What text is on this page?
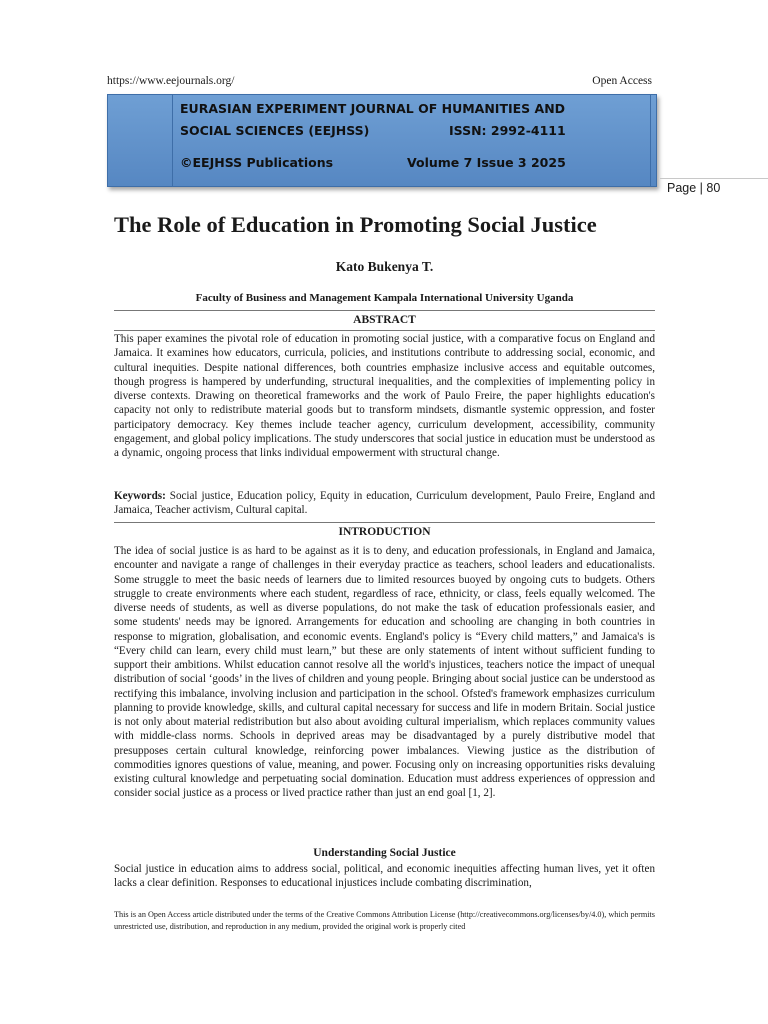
https://www.eejournals.org/	Open Access
EURASIAN EXPERIMENT JOURNAL OF HUMANITIES AND
SOCIAL SCIENCES (EEJHSS)	ISSN: 2992-4111
©EEJHSS Publications	Volume 7 Issue 3 2025
Page | 80
The Role of Education in Promoting Social Justice
Kato Bukenya T.
Faculty of Business and Management Kampala International University Uganda
ABSTRACT

This paper examines the pivotal role of education in promoting social justice, with a comparative focus on England and Jamaica. It examines how educators, curricula, policies, and institutions contribute to addressing social, economic, and cultural inequities. Despite national differences, both countries emphasize inclusive access and equitable outcomes, though progress is hampered by underfunding, structural inequalities, and the complexities of implementing policy in diverse contexts. Drawing on theoretical frameworks and the work of Paulo Freire, the paper highlights education's capacity not only to redistribute material goods but to transform mindsets, dismantle systemic oppression, and foster participatory democracy. Key themes include teacher agency, curriculum development, accessibility, community engagement, and global policy implications. The study underscores that social justice in education must be understood as a dynamic, ongoing process that links individual empowerment with structural change.

Keywords: Social justice, Education policy, Equity in education, Curriculum development, Paulo Freire, England and Jamaica, Teacher activism, Cultural capital.

INTRODUCTION

The idea of social justice is as hard to be against as it is to deny, and education professionals, in England and Jamaica, encounter and navigate a range of challenges in their everyday practice as teachers, school leaders and educationalists. Some struggle to meet the basic needs of learners due to limited resources buoyed by ongoing cuts to budgets. Others struggle to create environments where each student, regardless of race, ethnicity, or class, feels equally welcomed. The diverse needs of students, as well as diverse populations, do not make the task of education professionals easier, and some students' needs may be ignored. Arrangements for education and schooling are changing in both countries in response to migration, globalisation, and economic events. England's policy is “Every child matters,” and Jamaica's is “Every child can learn, every child must learn,” but these are only statements of intent without sufficient funding to support their ambitions. Whilst education cannot resolve all the world's injustices, teachers notice the impact of unequal distribution of social ‘goods’ in the lives of children and young people. Bringing about social justice can be understood as rectifying this imbalance, involving inclusion and participation in the school. Ofsted's framework emphasizes curriculum planning to provide knowledge, skills, and cultural capital necessary for success and life in modern Britain. Social justice is not only about material redistribution but also about avoiding cultural imperialism, which replaces community values with middle-class norms. Schools in deprived areas may be disadvantaged by a purely distributive model that presupposes certain cultural knowledge, reinforcing power imbalances. Viewing justice as the distribution of commodities ignores questions of value, meaning, and power. Focusing only on increasing opportunities risks devaluing existing cultural knowledge and perpetuating social domination. Education must address experiences of oppression and consider social justice as a process or lived practice rather than just an end goal [1, 2].

Understanding Social Justice

Social justice in education aims to address social, political, and economic inequities affecting human lives, yet it often lacks a clear definition. Responses to educational injustices include combating discrimination,

This is an Open Access article distributed under the terms of the Creative Commons Attribution License (http://creativecommons.org/licenses/by/4.0), which permits unrestricted use, distribution, and reproduction in any medium, provided the original work is properly cited
